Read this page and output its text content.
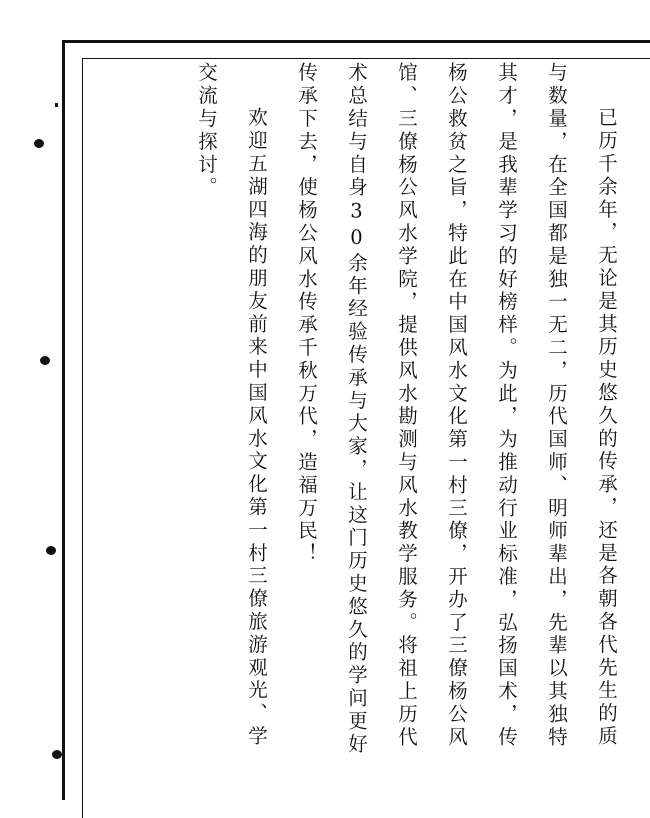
已历千余年，无论是其历史悠久的传承，还是各朝各代先生的质
与数量，在全国都是独一无二，历代国师、明师辈出，先辈以其独特
其才，是我辈学习的好榜样。为此，为推动行业标准，弘扬国术，传
杨公救贫之旨，特此在中国风水文化第一村三僚，开办了三僚杨公风
馆、三僚杨公风水学院，提供风水勘测与风水教学服务。将祖上历代
术总结与自身30余年经验传承与大家，让这门历史悠久的学问更好
传承下去，使杨公风水传承千秋万代，造福万民！
欢迎五湖四海的朋友前来中国风水文化第一村三僚旅游观光、学
交流与探讨。
